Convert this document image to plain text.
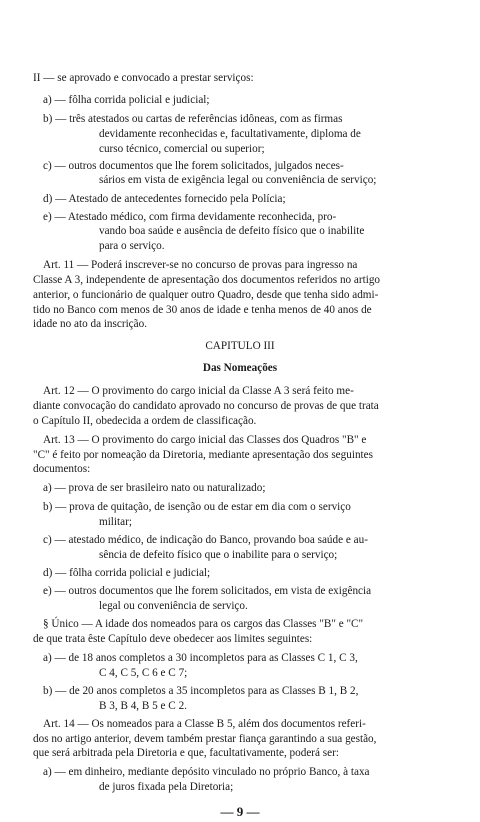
II — se aprovado e convocado a prestar serviços:
a) — fôlha corrida policial e judicial;
b) — três atestados ou cartas de referências idôneas, com as firmas
devidamente reconhecidas e, facultativamente, diploma de
curso técnico, comercial ou superior;
c) — outros documentos que lhe forem solicitados, julgados neces-
sários em vista de exigência legal ou conveniência de serviço;
d) — Atestado de antecedentes fornecido pela Polícia;
e) — Atestado médico, com firma devidamente reconhecida, pro-
vando boa saúde e ausência de defeito físico que o inabilite
para o serviço.
Art. 11 — Poderá inscrever-se no concurso de provas para ingresso na
Classe A 3, independente de apresentação dos documentos referidos no artigo
anterior, o funcionário de qualquer outro Quadro, desde que tenha sido admi-
tido no Banco com menos de 30 anos de idade e tenha menos de 40 anos de
idade no ato da inscrição.
CAPITULO III
Das Nomeações
Art. 12 — O provimento do cargo inicial da Classe A 3 será feito me-
diante convocação do candidato aprovado no concurso de provas de que trata
o Capítulo II, obedecida a ordem de classificação.
Art. 13 — O provimento do cargo inicial das Classes dos Quadros "B" e
"C" é feito por nomeação da Diretoria, mediante apresentação dos seguintes
documentos:
a) — prova de ser brasileiro nato ou naturalizado;
b) — prova de quitação, de isenção ou de estar em dia com o serviço
militar;
c) — atestado médico, de indicação do Banco, provando boa saúde e au-
sência de defeito físico que o inabilite para o serviço;
d) — fôlha corrida policial e judicial;
e) — outros documentos que lhe forem solicitados, em vista de exigência
legal ou conveniência de serviço.
§ Único — A idade dos nomeados para os cargos das Classes "B" e "C"
de que trata êste Capítulo deve obedecer aos limites seguintes:
a) — de 18 anos completos a 30 incompletos para as Classes C 1, C 3,
C 4, C 5, C 6 e C 7;
b) — de 20 anos completos a 35 incompletos para as Classes B 1, B 2,
B 3, B 4, B 5 e C 2.
Art. 14 — Os nomeados para a Classe B 5, além dos documentos referi-
dos no artigo anterior, devem também prestar fiança garantindo a sua gestão,
que será arbitrada pela Diretoria e que, facultativamente, poderá ser:
a) — em dinheiro, mediante depósito vinculado no próprio Banco, à taxa
de juros fixada pela Diretoria;
— 9 —
